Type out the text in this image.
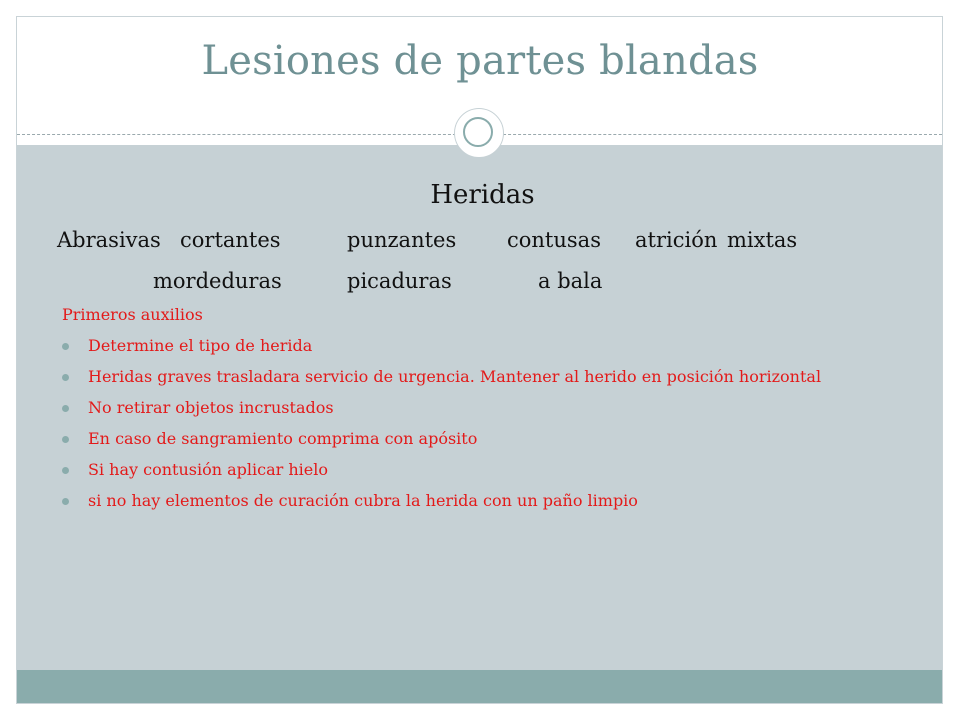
Lesiones de partes blandas
Heridas
Abrasivas cortantes	punzantes contusas atrición mixtas
mordeduras	picaduras	a bala
Primeros auxilios
Determine el tipo de herida
Heridas graves trasladara servicio de urgencia. Mantener al herido en posición horizontal
No retirar objetos incrustados
En caso de sangramiento comprima con apósito
Si hay contusión aplicar hielo
si no hay elementos de curación cubra la herida con un paño limpio
